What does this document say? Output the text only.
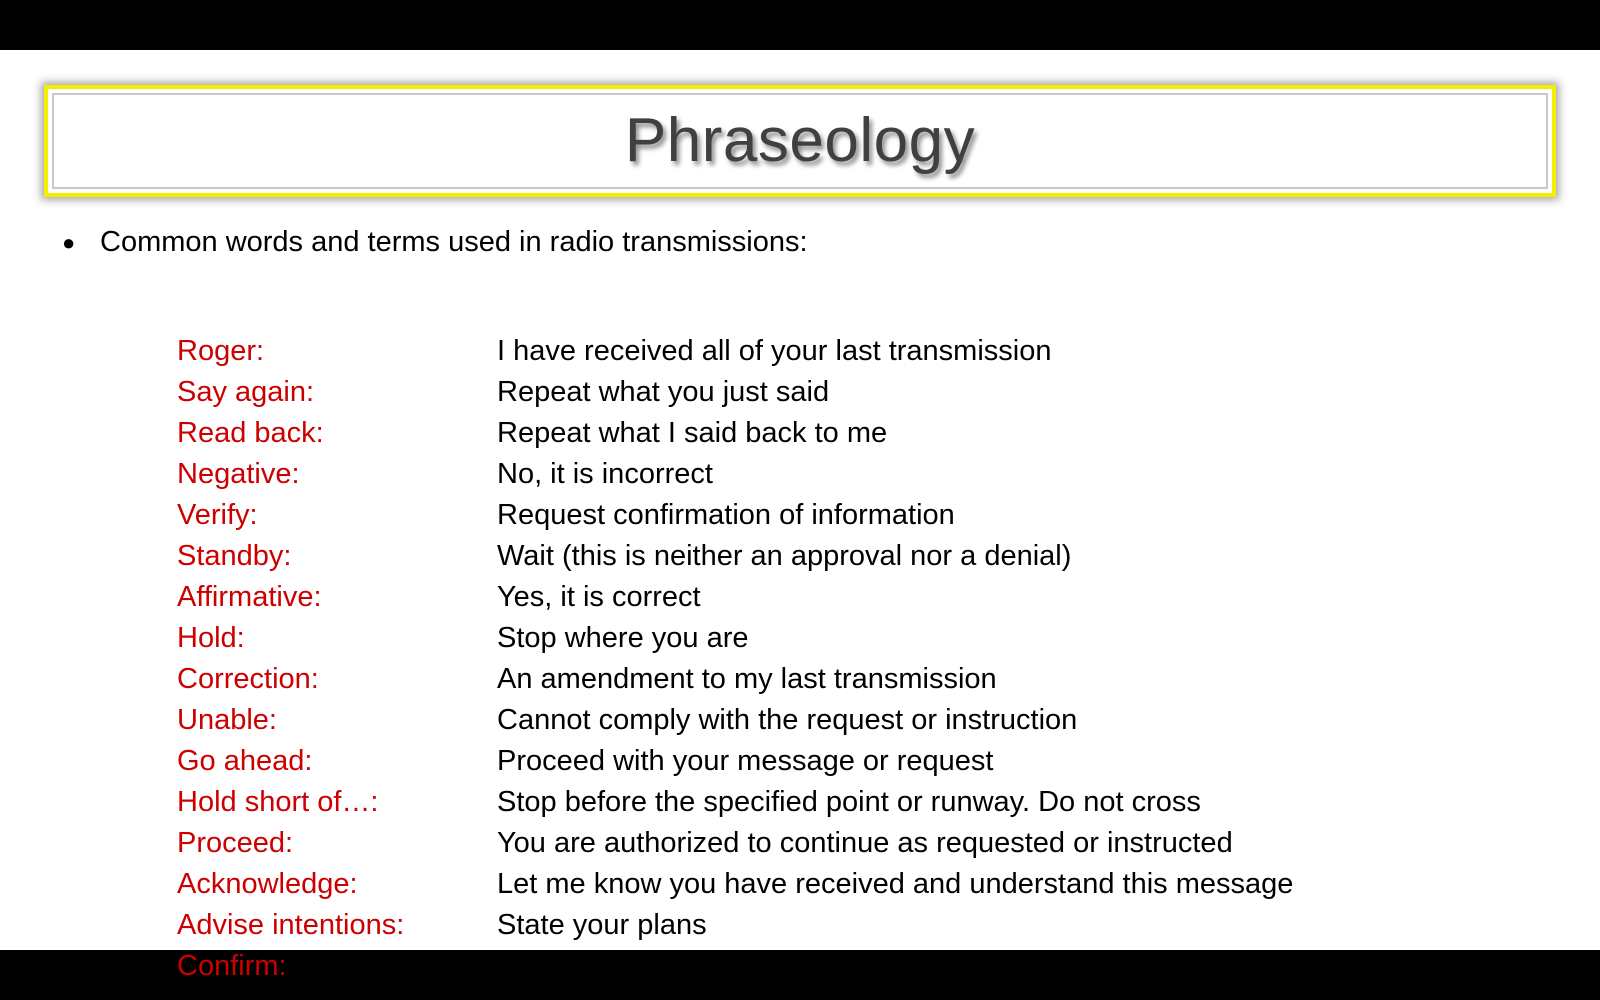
Phraseology
● Common words and terms used in radio transmissions:
Roger:	I have received all of your last transmission
Say again:	Repeat what you just said
Read back:	Repeat what I said back to me
Negative:	No, it is incorrect
Verify:	Request confirmation of information
Standby:	Wait (this is neither an approval nor a denial)
Affirmative:	Yes, it is correct
Hold:	Stop where you are
Correction:	An amendment to my last transmission
Unable:	Cannot comply with the request or instruction
Go ahead:	Proceed with your message or request
Hold short of…:	Stop before the specified point or runway. Do not cross
Proceed:	You are authorized to continue as requested or instructed
Acknowledge:	Let me know you have received and understand this message
Advise intentions:	State your plans
Confirm:	What I’m saying is correct
